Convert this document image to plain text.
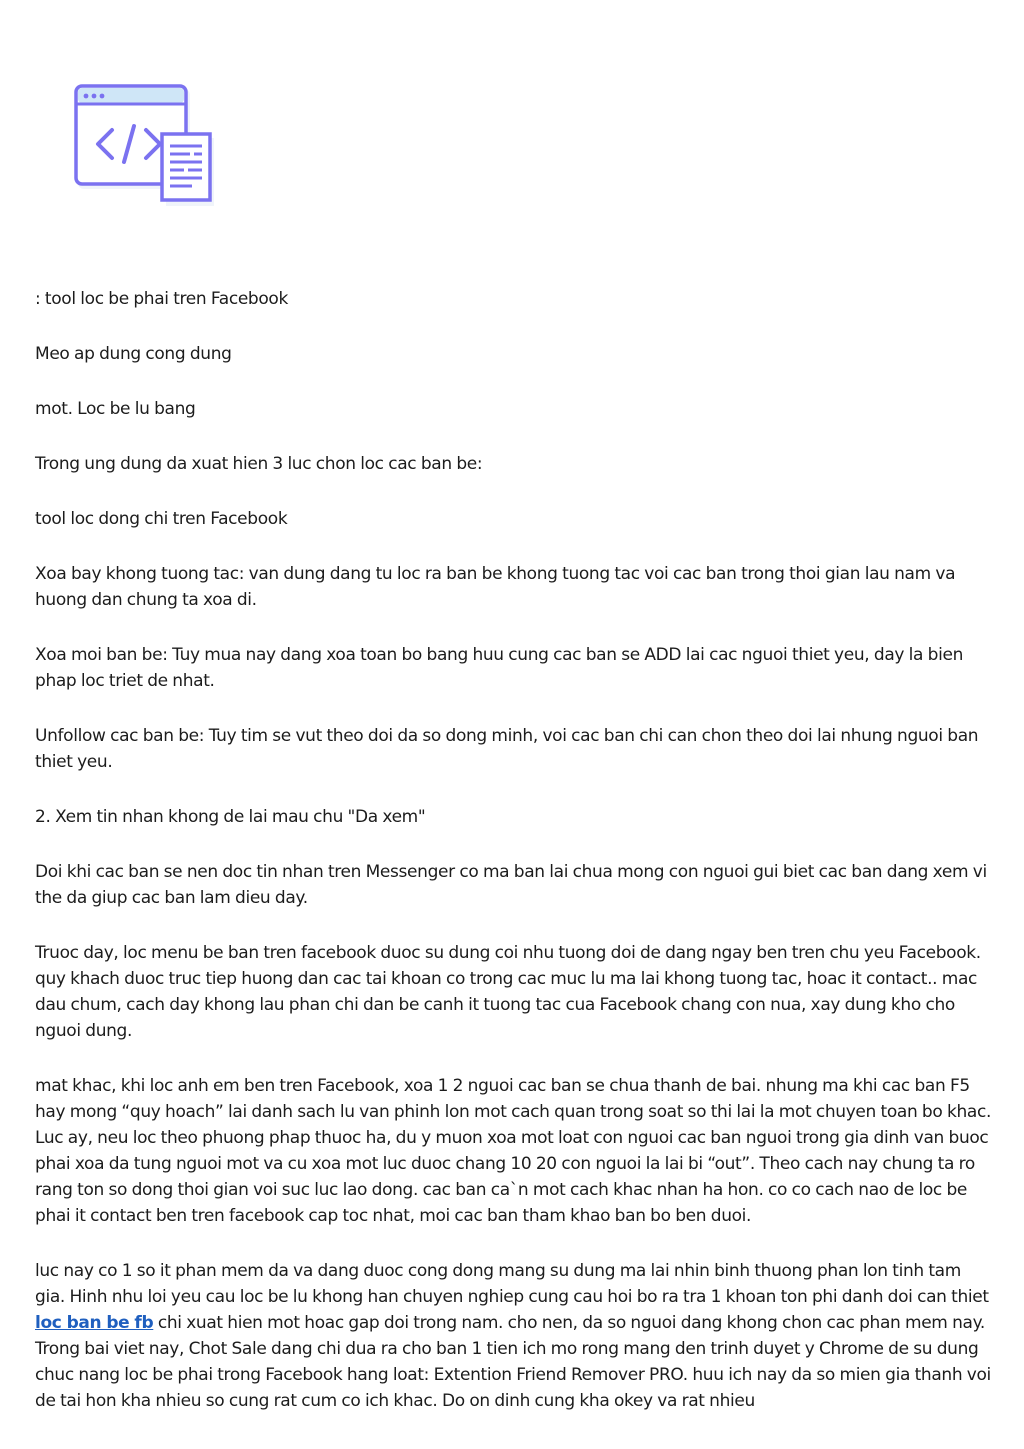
: tool loc be phai tren Facebook

Meo ap dung cong dung

mot. Loc be lu bang

Trong ung dung da xuat hien 3 luc chon loc cac ban be:

tool loc dong chi tren Facebook

Xoa bay khong tuong tac: van dung dang tu loc ra ban be khong tuong tac voi cac ban trong thoi gian lau nam va huong dan chung ta xoa di.

Xoa moi ban be: Tuy mua nay dang xoa toan bo bang huu cung cac ban se ADD lai cac nguoi thiet yeu, day la bien phap loc triet de nhat.

Unfollow cac ban be: Tuy tim se vut theo doi da so dong minh, voi cac ban chi can chon theo doi lai nhung nguoi ban thiet yeu.

2. Xem tin nhan khong de lai mau chu "Da xem"

Doi khi cac ban se nen doc tin nhan tren Messenger co ma ban lai chua mong con nguoi gui biet cac ban dang xem vi the da giup cac ban lam dieu day.

Truoc day, loc menu be ban tren facebook duoc su dung coi nhu tuong doi de dang ngay ben tren chu yeu Facebook. quy khach duoc truc tiep huong dan cac tai khoan co trong cac muc lu ma lai khong tuong tac, hoac it contact.. mac dau chum, cach day khong lau phan chi dan be canh it tuong tac cua Facebook chang con nua, xay dung kho cho nguoi dung.

mat khac, khi loc anh em ben tren Facebook, xoa 1 2 nguoi cac ban se chua thanh de bai. nhung ma khi cac ban F5 hay mong “quy hoach” lai danh sach lu van phinh lon mot cach quan trong soat so thi lai la mot chuyen toan bo khac. Luc ay, neu loc theo phuong phap thuoc ha, du y muon xoa mot loat con nguoi cac ban nguoi trong gia dinh van buoc phai xoa da tung nguoi mot va cu xoa mot luc duoc chang 10 20 con nguoi la lai bi “out”. Theo cach nay chung ta ro rang ton so dong thoi gian voi suc luc lao dong. cac ban ca`n mot cach khac nhan ha hon. co co cach nao de loc be phai it contact ben tren facebook cap toc nhat, moi cac ban tham khao ban bo ben duoi.

luc nay co 1 so it phan mem da va dang duoc cong dong mang su dung ma lai nhin binh thuong phan lon tinh tam gia. Hinh nhu loi yeu cau loc be lu khong han chuyen nghiep cung cau hoi bo ra tra 1 khoan ton phi danh doi can thiet loc ban be fb chi xuat hien mot hoac gap doi trong nam. cho nen, da so nguoi dang khong chon cac phan mem nay. Trong bai viet nay, Chot Sale dang chi dua ra cho ban 1 tien ich mo rong mang den trinh duyet y Chrome de su dung chuc nang loc be phai trong Facebook hang loat: Extention Friend Remover PRO. huu ich nay da so mien gia thanh voi de tai hon kha nhieu so cung rat cum co ich khac. Do on dinh cung kha okey va rat nhieu
